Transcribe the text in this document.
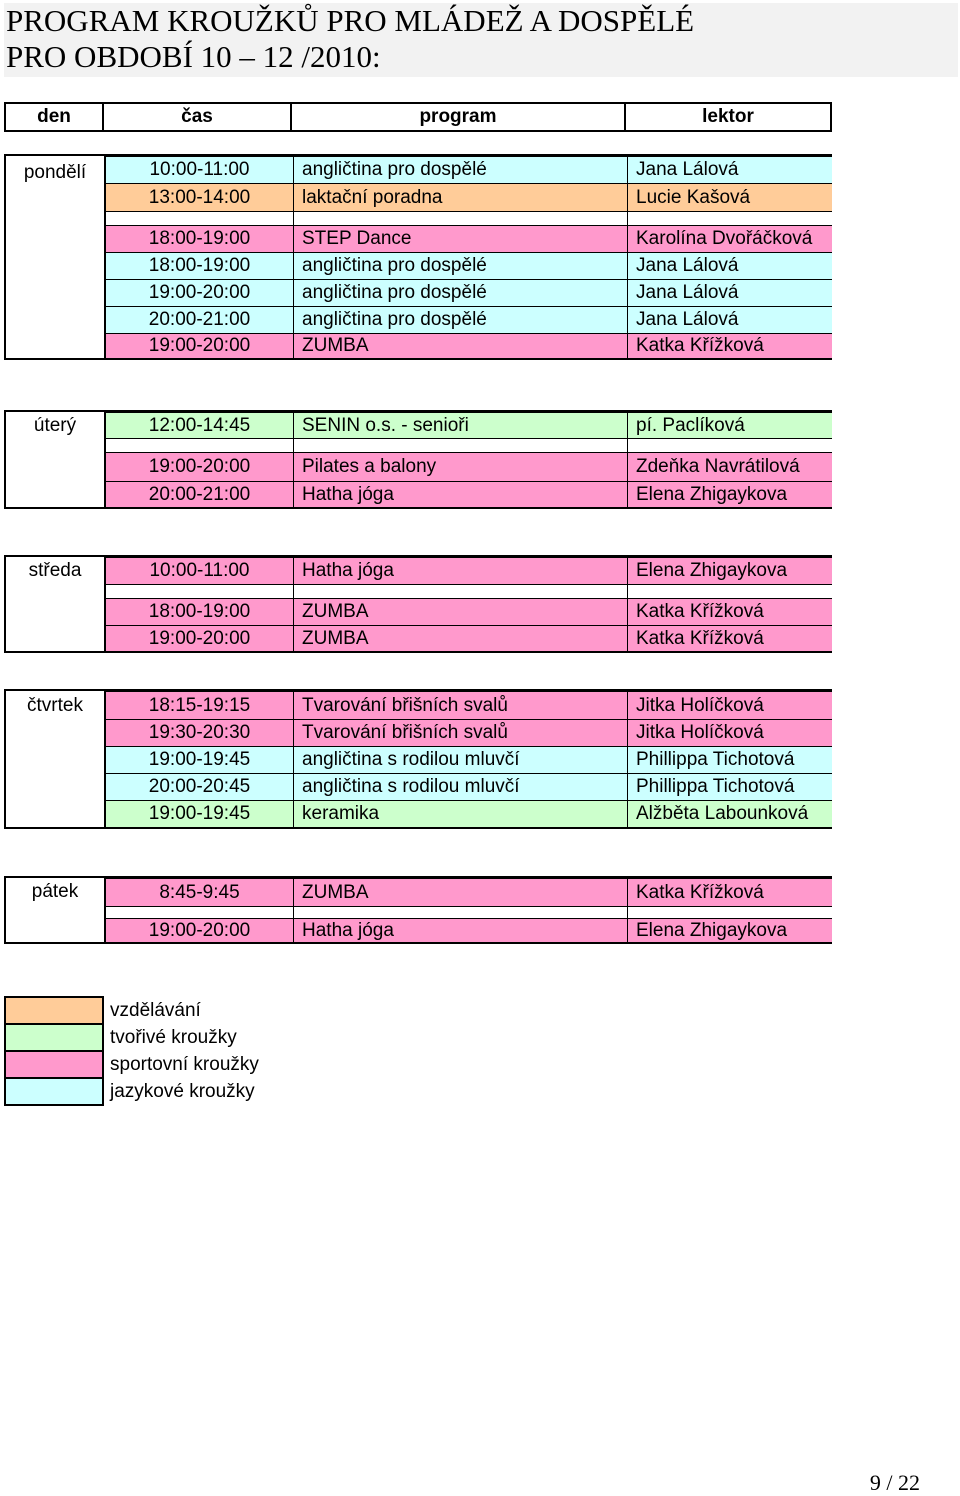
PROGRAM KROUŽKŮ PRO MLÁDEŽ A DOSPĚLÉ
PRO OBDOBÍ 10 – 12 /2010:
den	čas	program	lektor
pondělí	10:00-11:00	angličtina pro dospělé	Jana Lálová
13:00-14:00	laktační poradna	Lucie Kašová
18:00-19:00	STEP Dance	Karolína Dvořáčková
18:00-19:00	angličtina pro dospělé	Jana Lálová
19:00-20:00	angličtina pro dospělé	Jana Lálová
20:00-21:00	angličtina pro dospělé	Jana Lálová
19:00-20:00	ZUMBA	Katka Křížková
úterý	12:00-14:45	SENIN o.s. - senioři	pí. Paclíková
19:00-20:00	Pilates a balony	Zdeňka Navrátilová
20:00-21:00	Hatha jóga	Elena Zhigaykova
středa	10:00-11:00	Hatha jóga	Elena Zhigaykova
18:00-19:00	ZUMBA	Katka Křížková
19:00-20:00	ZUMBA	Katka Křížková
čtvrtek	18:15-19:15	Tvarování břišních svalů	Jitka Holíčková
19:30-20:30	Tvarování břišních svalů	Jitka Holíčková
19:00-19:45	angličtina s rodilou mluvčí	Phillippa Tichotová
20:00-20:45	angličtina s rodilou mluvčí	Phillippa Tichotová
19:00-19:45	keramika	Alžběta Labounková
pátek	8:45-9:45	ZUMBA	Katka Křížková
19:00-20:00	Hatha jóga	Elena Zhigaykova
vzdělávání
tvořivé kroužky
sportovní kroužky
jazykové kroužky
9 / 22
